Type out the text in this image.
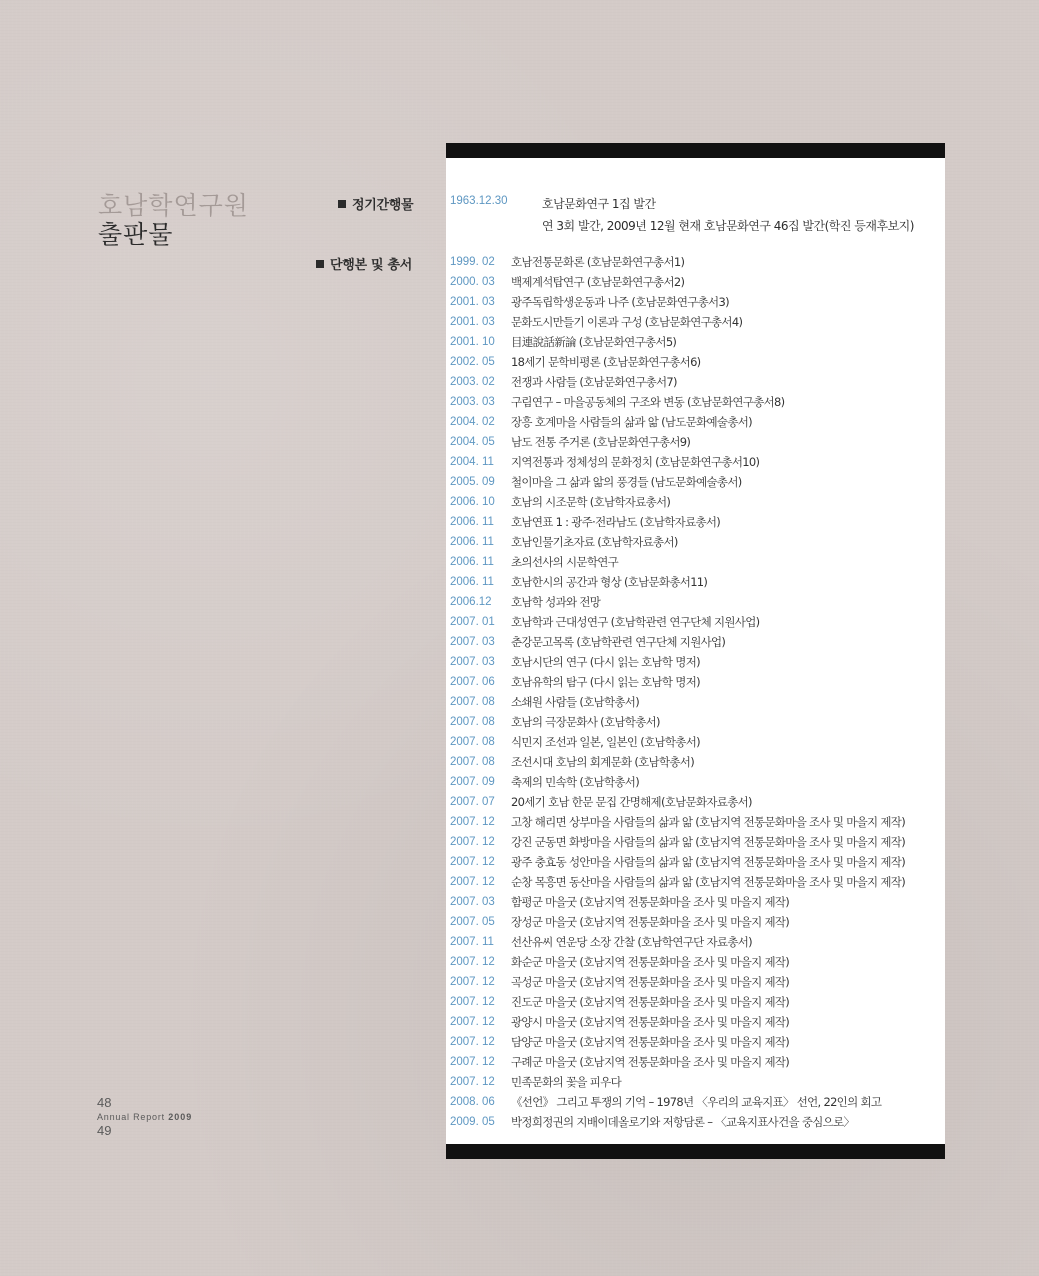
호남학연구원
출판물
정기간행물
단행본 및 총서
1963.12.30	호남문화연구 1집 발간
연 3회 발간, 2009년 12월 현재 호남문화연구 46집 발간(학진 등재후보지)
1999. 02 호남전통문화론 (호남문화연구총서1)
2000. 03 백제계석탑연구 (호남문화연구총서2)
2001. 03 광주독립학생운동과 나주 (호남문화연구총서3)
2001. 03 문화도시만들기 이론과 구성 (호남문화연구총서4)
2001. 10 目連說話新論 (호남문화연구총서5)
2002. 05 18세기 문학비평론 (호남문화연구총서6)
2003. 02 전쟁과 사람들 (호남문화연구총서7)
2003. 03 구림연구 – 마을공동체의 구조와 변동 (호남문화연구총서8)
2004. 02 장흥 호계마을 사람들의 삶과 앎 (남도문화예술총서)
2004. 05 남도 전통 주거론 (호남문화연구총서9)
2004. 11 지역전통과 정체성의 문화정치 (호남문화연구총서10)
2005. 09 철이마을 그 삶과 앎의 풍경들 (남도문화예술총서)
2006. 10 호남의 시조문학 (호남학자료총서)
2006. 11 호남연표 1 : 광주·전라남도 (호남학자료총서)
2006. 11 호남인물기초자료 (호남학자료총서)
2006. 11 초의선사의 시문학연구
2006. 11 호남한시의 공간과 형상 (호남문화총서11)
2006.12 호남학 성과와 전망
2007. 01 호남학과 근대성연구 (호남학관련 연구단체 지원사업)
2007. 03 춘강문고목록 (호남학관련 연구단체 지원사업)
2007. 03 호남시단의 연구 (다시 읽는 호남학 명저)
2007. 06 호남유학의 탐구 (다시 읽는 호남학 명저)
2007. 08 소쇄원 사람들 (호남학총서)
2007. 08 호남의 극장문화사 (호남학총서)
2007. 08 식민지 조선과 일본, 일본인 (호남학총서)
2007. 08 조선시대 호남의 회계문화 (호남학총서)
2007. 09 축제의 민속학 (호남학총서)
2007. 07 20세기 호남 한문 문집 간명해제(호남문화자료총서)
2007. 12 고창 해리면 상부마을 사람들의 삶과 앎 (호남지역 전통문화마을 조사 및 마을지 제작)
2007. 12 강진 군동면 화방마을 사람들의 삶과 앎 (호남지역 전통문화마을 조사 및 마을지 제작)
2007. 12 광주 충효동 성안마을 사람들의 삶과 앎 (호남지역 전통문화마을 조사 및 마을지 제작)
2007. 12 순창 목흥면 동산마을 사람들의 삶과 앎 (호남지역 전통문화마을 조사 및 마을지 제작)
2007. 03 함평군 마을굿 (호남지역 전통문화마을 조사 및 마을지 제작)
2007. 05 장성군 마을굿 (호남지역 전통문화마을 조사 및 마을지 제작)
2007. 11 선산유씨 연운당 소장 간찰 (호남학연구단 자료총서)
2007. 12 화순군 마을굿 (호남지역 전통문화마을 조사 및 마을지 제작)
2007. 12 곡성군 마을굿 (호남지역 전통문화마을 조사 및 마을지 제작)
2007. 12 진도군 마을굿 (호남지역 전통문화마을 조사 및 마을지 제작)
2007. 12 광양시 마을굿 (호남지역 전통문화마을 조사 및 마을지 제작)
2007. 12 담양군 마을굿 (호남지역 전통문화마을 조사 및 마을지 제작)
2007. 12 구례군 마을굿 (호남지역 전통문화마을 조사 및 마을지 제작)
2007. 12 민족문화의 꽃을 피우다
2008. 06 《선언》 그리고 투쟁의 기억 – 1978년 〈우리의 교육지표〉 선언, 22인의 회고
2009. 05 박정희정권의 지배이데올로기와 저항담론 – 〈교육지표사건을 중심으로〉
48
Annual Report 2009
49
